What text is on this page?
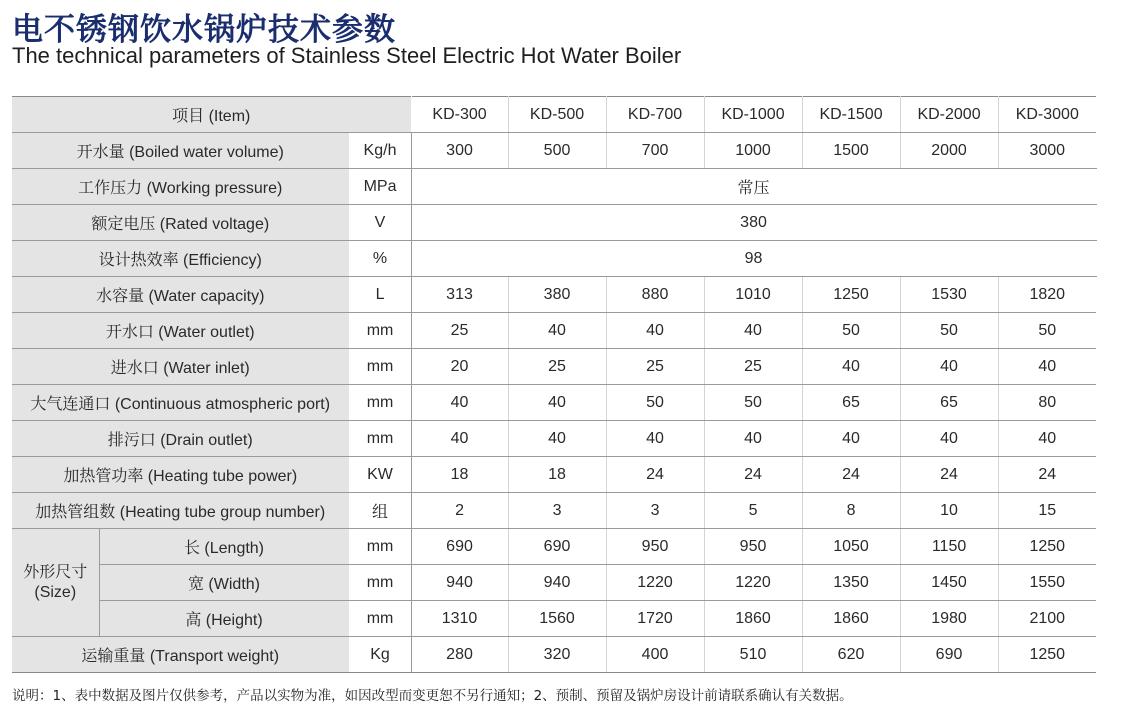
电不锈钢饮水锅炉技术参数
The technical parameters of Stainless Steel Electric Hot Water Boiler
项目 (Item)			KD-300	KD-500	KD-700	KD-1000	KD-1500	KD-2000	KD-3000
开水量 (Boiled water volume)		Kg/h	300	500	700	1000	1500	2000	3000
工作压力 (Working pressure)		MPa	常压						
额定电压 (Rated voltage)		V	380						
设计热效率 (Efficiency)		%	98						
水容量 (Water capacity)		L	313	380	880	1010	1250	1530	1820
开水口 (Water outlet)		mm	25	40	40	40	50	50	50
进水口 (Water inlet)		mm	20	25	25	25	40	40	40
大气连通口 (Continuous atmospheric port)		mm	40	40	50	50	65	65	80
排污口 (Drain outlet)		mm	40	40	40	40	40	40	40
加热管功率 (Heating tube power)		KW	18	18	24	24	24	24	24
加热管组数 (Heating tube group number)		组	2	3	3	5	8	10	15

外形尺寸
(Size)	长 (Length)	mm	690	690	950	950	1050	1150	1250
	宽 (Width)	mm	940	940	1220	1220	1350	1450	1550
	高 (Height)	mm	1310	1560	1720	1860	1860	1980	2100
运输重量 (Transport weight)		Kg	280	320	400	510	620	690	1250
说明：1、表中数据及图片仅供参考，产品以实物为准，如因改型而变更恕不另行通知；2、预制、预留及锅炉房设计前请联系确认有关数据。
